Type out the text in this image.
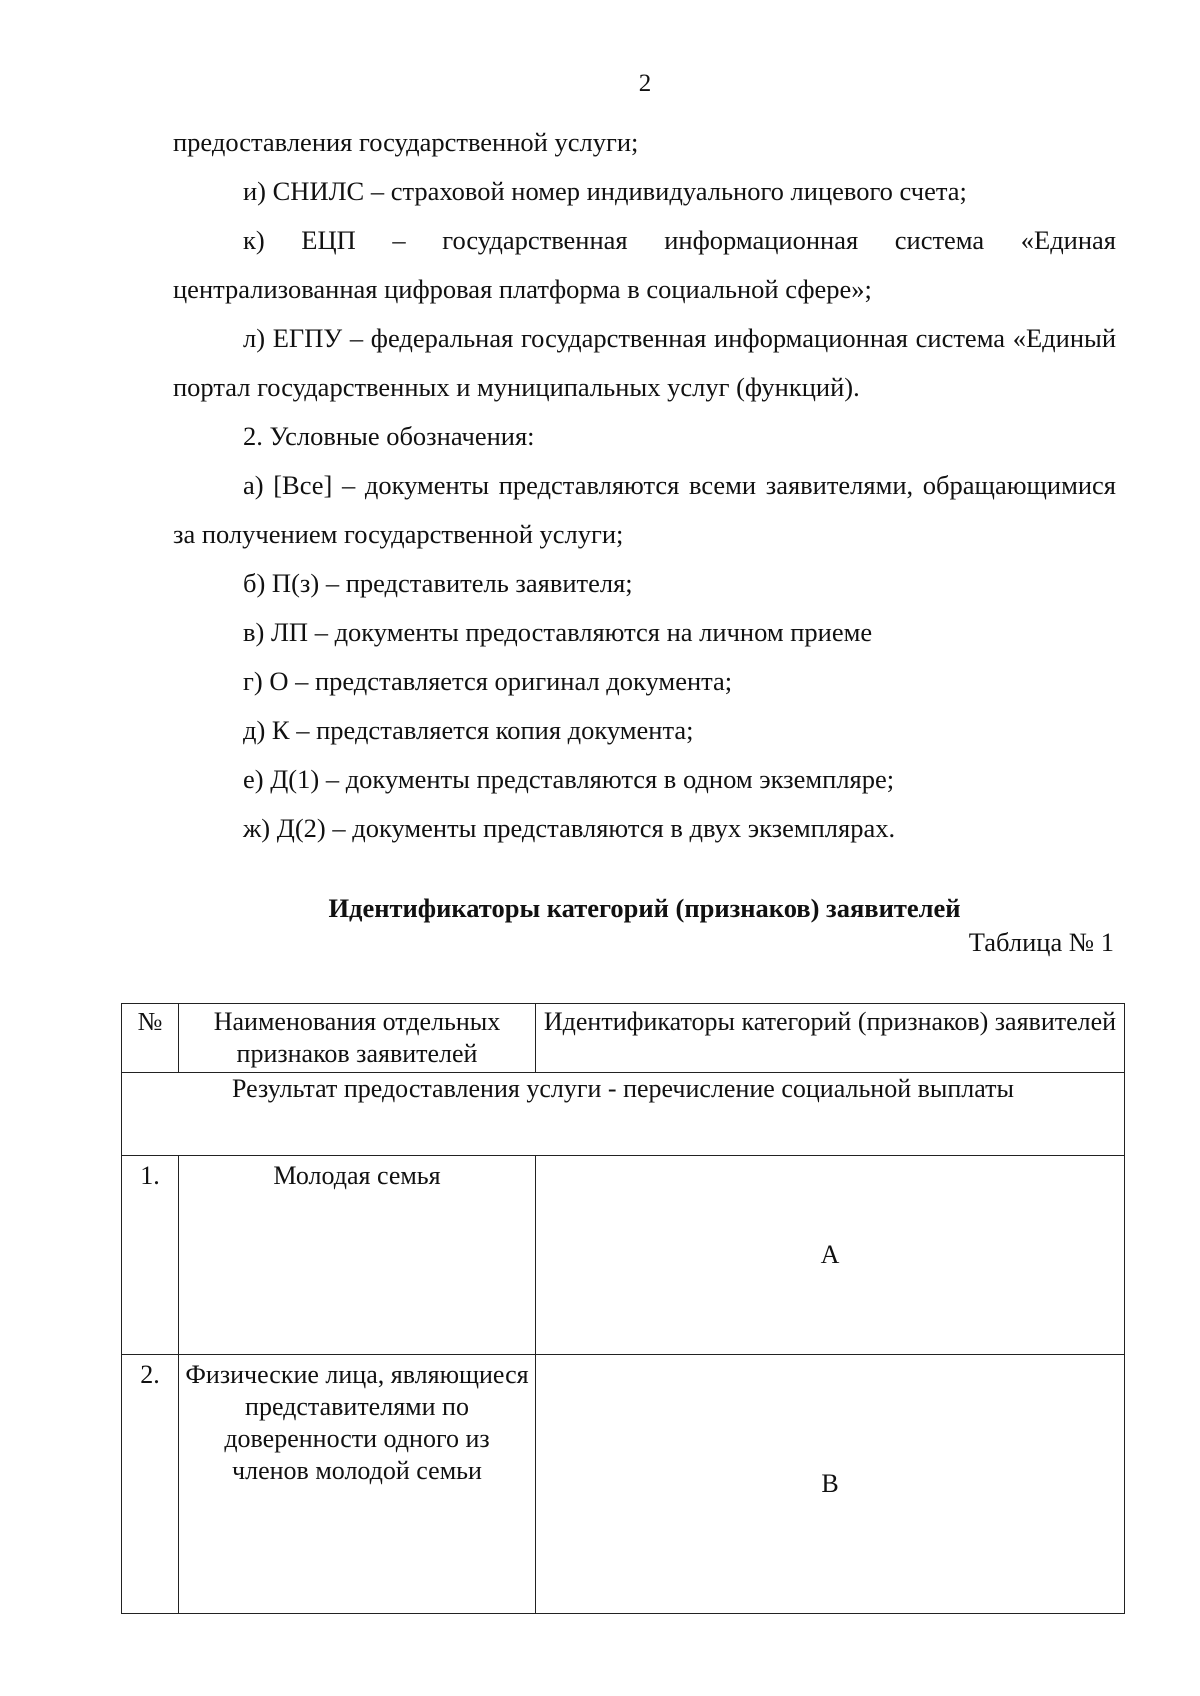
2

предоставления государственной услуги;

и) СНИЛС – страховой номер индивидуального лицевого счета;

к) ЕЦП – государственная информационная система «Единая централизованная цифровая платформа в социальной сфере»;

л) ЕГПУ – федеральная государственная информационная система «Единый портал государственных и муниципальных услуг (функций).

2. Условные обозначения:

а) [Все] – документы представляются всеми заявителями, обращающимися за получением государственной услуги;

б) П(з) – представитель заявителя;

в) ЛП – документы предоставляются на личном приеме

г) О – представляется оригинал документа;

д) К – представляется копия документа;

е) Д(1) – документы представляются в одном экземпляре;

ж) Д(2) – документы представляются в двух экземплярах.

Идентификаторы категорий (признаков) заявителей
Таблица № 1
№	Наименования отдельных признаков заявителей	Идентификаторы категорий (признаков) заявителей
Результат предоставления услуги - перечисление социальной выплаты		
1.	Молодая семья	А
2.	Физические лица, являющиеся представителями по доверенности одного из членов молодой семьи	В
